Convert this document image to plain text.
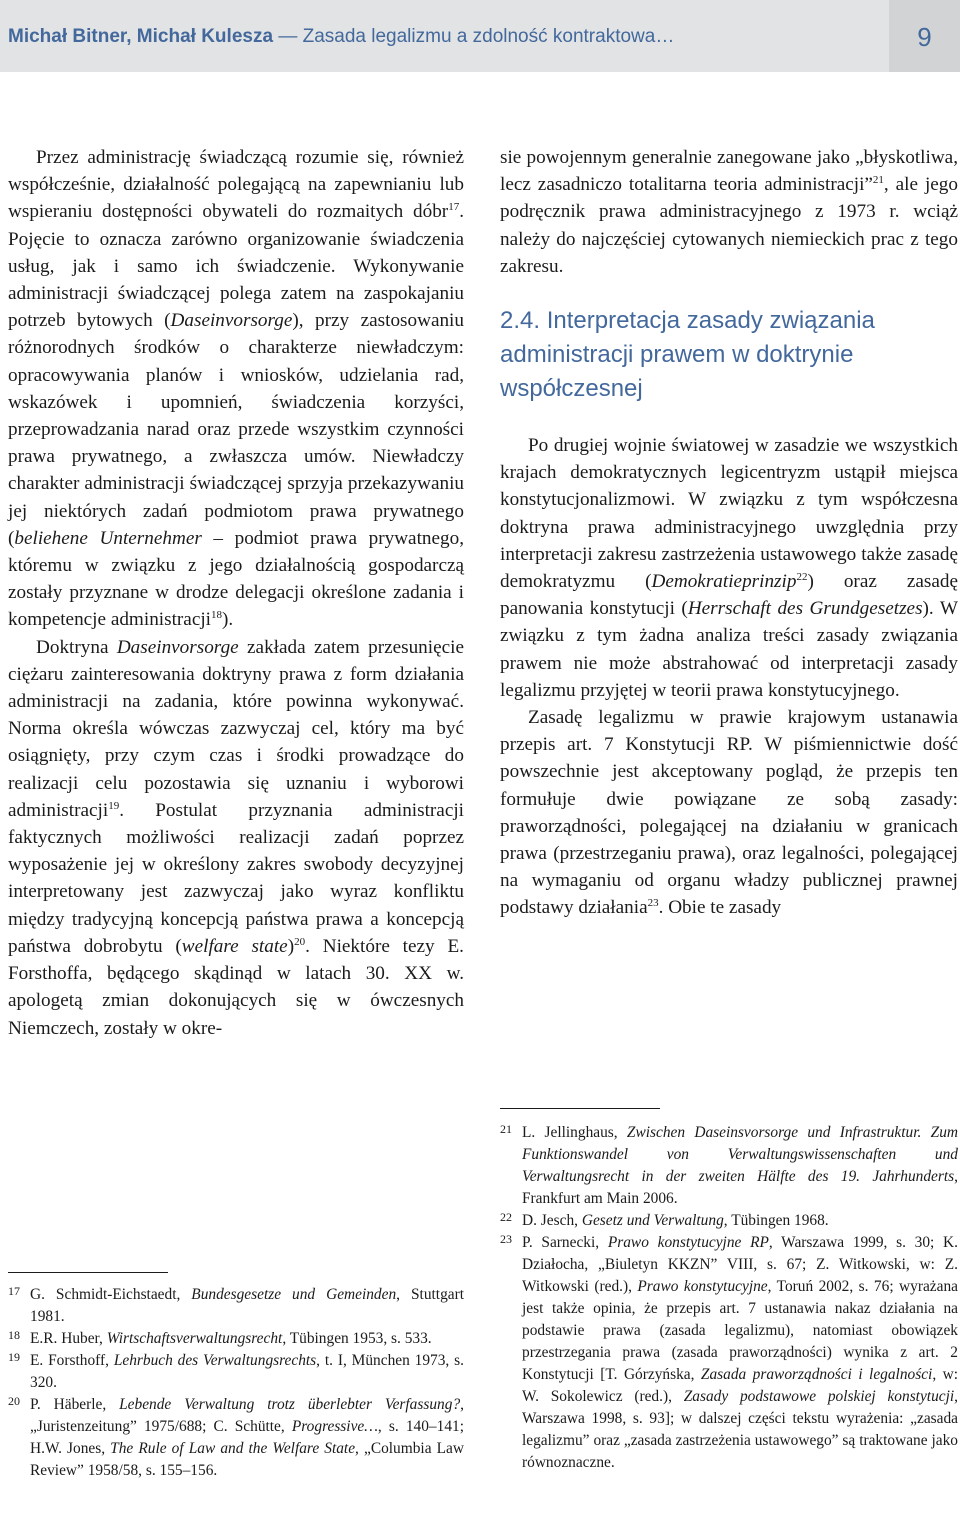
Michał Bitner, Michał Kulesza — Zasada legalizmu a zdolność kontraktowa…	9

Przez administrację świadczącą rozumie się, również współcześnie, działalność polegającą na zapewnianiu lub wspieraniu dostępności obywateli do rozmaitych dóbr$^{17}$. Pojęcie to oznacza zarówno organizowanie świadczenia usług, jak i samo ich świadczenie. Wykonywanie administracji świadczącej polega zatem na zaspokajaniu potrzeb bytowych (Daseinvorsorge), przy zastosowaniu różnorodnych środków o charakterze niewładczym: opracowywania planów i wniosków, udzielania rad, wskazówek i upomnień, świadczenia korzyści, przeprowadzania narad oraz przede wszystkim czynności prawa prywatnego, a zwłaszcza umów. Niewładczy charakter administracji świadczącej sprzyja przekazywaniu jej niektórych zadań podmiotom prawa prywatnego (beliehene Unternehmer – podmiot prawa prywatnego, któremu w związku z jego działalnością gospodarczą zostały przyznane w drodze delegacji określone zadania i kompetencje administracji$^{18}$).

Doktryna Daseinvorsorge zakłada zatem przesunięcie ciężaru zainteresowania doktryny prawa z form działania administracji na zadania, które powinna wykonywać. Norma określa wówczas zazwyczaj cel, który ma być osiągnięty, przy czym czas i środki prowadzące do realizacji celu pozostawia się uznaniu i wyborowi administracji$^{19}$. Postulat przyznania administracji faktycznych możliwości realizacji zadań poprzez wyposażenie jej w określony zakres swobody decyzyjnej interpretowany jest zazwyczaj jako wyraz konfliktu między tradycyjną koncepcją państwa prawa a koncepcją państwa dobrobytu (welfare state)$^{20}$. Niektóre tezy E. Forsthoffa, będącego skądinąd w latach 30. XX w. apologetą zmian dokonujących się w ówczesnych Niemczech, zostały w okre-

sie powojennym generalnie zanegowane jako „błyskotliwa, lecz zasadniczo totalitarna teoria administracji”$^{21}$, ale jego podręcznik prawa administracyjnego z 1973 r. wciąż należy do najczęściej cytowanych niemieckich prac z tego zakresu.

2.4. Interpretacja zasady związania administracji prawem w doktrynie współczesnej

Po drugiej wojnie światowej w zasadzie we wszystkich krajach demokratycznych legicentryzm ustąpił miejsca konstytucjonalizmowi. W związku z tym współczesna doktryna prawa administracyjnego uwzględnia przy interpretacji zakresu zastrzeżenia ustawowego także zasadę demokratyzmu (Demokratieprinzip$^{22}$) oraz zasadę panowania konstytucji (Herrschaft des Grundgesetzes). W związku z tym żadna analiza treści zasady związania prawem nie może abstrahować od interpretacji zasady legalizmu przyjętej w teorii prawa konstytucyjnego.

Zasadę legalizmu w prawie krajowym ustanawia przepis art. 7 Konstytucji RP. W piśmiennictwie dość powszechnie jest akceptowany pogląd, że przepis ten formułuje dwie powiązane ze sobą zasady: praworządności, polegającej na działaniu w granicach prawa (przestrzeganiu prawa), oraz legalności, polegającej na wymaganiu od organu władzy publicznej prawnej podstawy działania$^{23}$. Obie te zasady

17 G. Schmidt-Eichstaedt, Bundesgesetze und Gemeinden, Stuttgart 1981.
18 E.R. Huber, Wirtschaftsverwaltungsrecht, Tübingen 1953, s. 533.
19 E. Forsthoff, Lehrbuch des Verwaltungsrechts, t. I, München 1973, s. 320.
20 P. Häberle, Lebende Verwaltung trotz überlebter Verfassung?, „Juristenzeitung” 1975/688; C. Schütte, Progressive…, s. 140–141; H.W. Jones, The Rule of Law and the Welfare State, „Columbia Law Review” 1958/58, s. 155–156.
21 L. Jellinghaus, Zwischen Daseinsvorsorge und Infrastruktur. Zum Funktionswandel von Verwaltungswissenschaften und Verwaltungsrecht in der zweiten Hälfte des 19. Jahrhunderts, Frankfurt am Main 2006.
22 D. Jesch, Gesetz und Verwaltung, Tübingen 1968.
23 P. Sarnecki, Prawo konstytucyjne RP, Warszawa 1999, s. 30; K. Działocha, „Biuletyn KKZN” VIII, s. 67; Z. Witkowski, w: Z. Witkowski (red.), Prawo konstytucyjne, Toruń 2002, s. 76; wyrażana jest także opinia, że przepis art. 7 ustanawia nakaz działania na podstawie prawa (zasada legalizmu), natomiast obowiązek przestrzegania prawa (zasada praworządności) wynika z art. 2 Konstytucji [T. Górzyńska, Zasada praworządności i legalności, w: W. Sokolewicz (red.), Zasady podstawowe polskiej konstytucji, Warszawa 1998, s. 93]; w dalszej części tekstu wyrażenia: „zasada legalizmu” oraz „zasada zastrzeżenia ustawowego” są traktowane jako równoznaczne.
